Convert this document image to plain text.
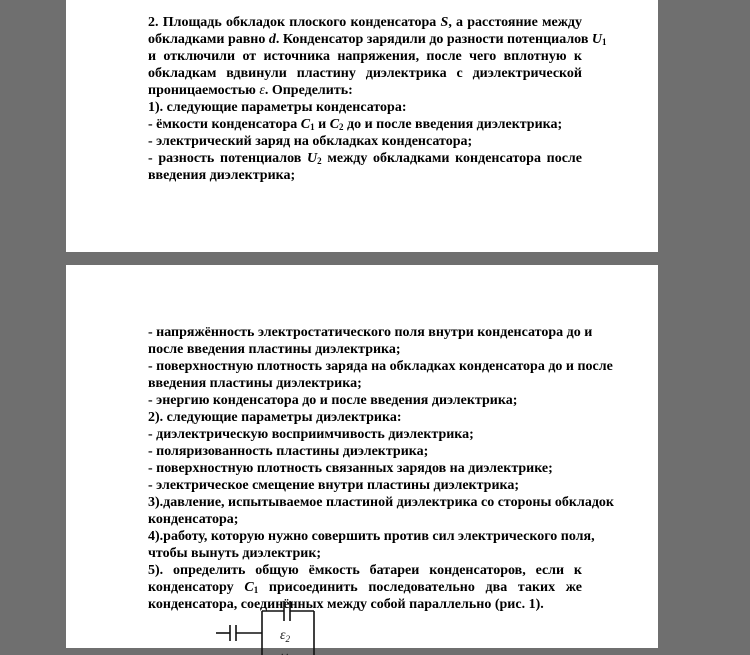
2. Площадь обкладок плоского конденсатора S, а расстояние между
обкладками равно d. Конденсатор зарядили до разности потенциалов $U_1$
и отключили от источника напряжения, после чего вплотную к
обкладкам вдвинули пластину диэлектрика с диэлектрической
проницаемостью ε. Определить:
1). следующие параметры конденсатора:
- ёмкости конденсатора $C_1$ и $C_2$ до и после введения диэлектрика;
- электрический заряд на обкладках конденсатора;
- разность потенциалов $U_2$ между обкладками конденсатора после
введения диэлектрика;
- напряжённость электростатического поля внутри конденсатора до и
после введения пластины диэлектрика;
- поверхностную плотность заряда на обкладках конденсатора до и после
введения пластины диэлектрика;
- энергию конденсатора до и после введения диэлектрика;
2). следующие параметры диэлектрика:
- диэлектрическую восприимчивость диэлектрика;
- поляризованность пластины диэлектрика;
- поверхностную плотность связанных зарядов на диэлектрике;
- электрическое смещение внутри пластины диэлектрика;
3).давление, испытываемое пластиной диэлектрика со стороны обкладок
конденсатора;
4).работу, которую нужно совершить против сил электрического поля,
чтобы вынуть диэлектрик;
5). определить общую ёмкость батареи конденсаторов, если к
конденсатору $C_1$ присоединить последовательно два таких же
конденсатора, соединённых между собой параллельно (рис. 1).
$\varepsilon_2$
. .
